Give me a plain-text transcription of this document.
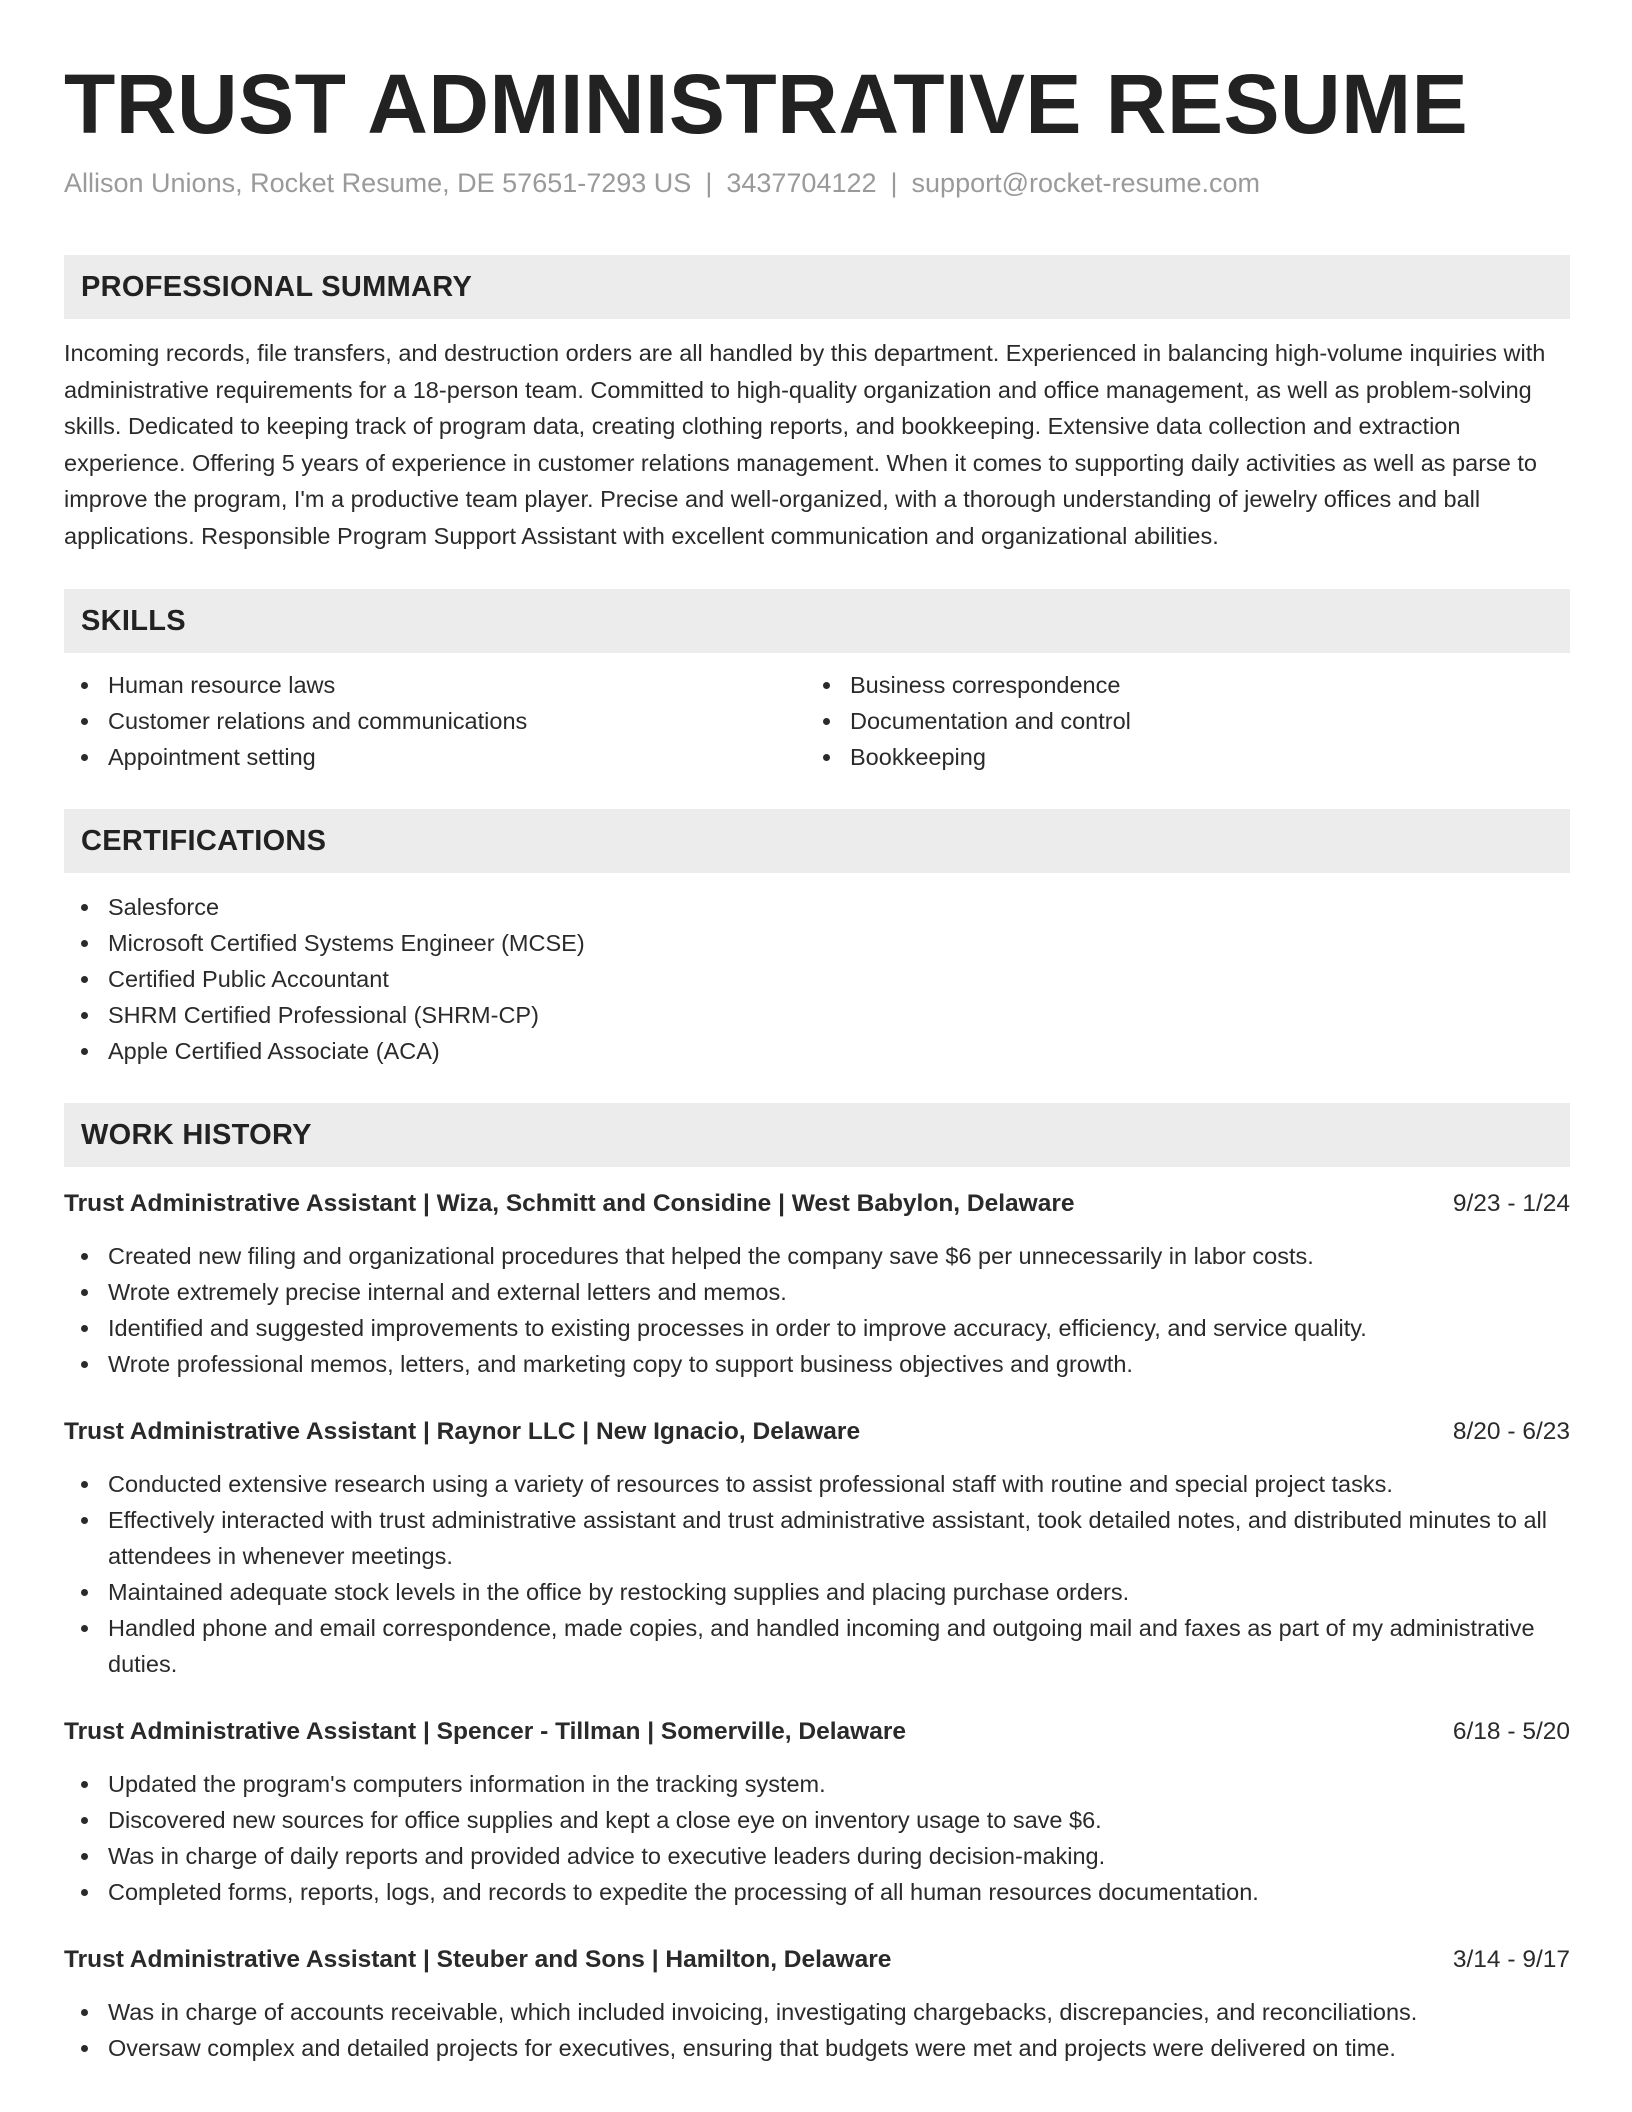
TRUST ADMINISTRATIVE RESUME
Allison Unions, Rocket Resume, DE 57651-7293 US | 3437704122 | support@rocket-resume.com
PROFESSIONAL SUMMARY

Incoming records, file transfers, and destruction orders are all handled by this department. Experienced in balancing high-volume inquiries with administrative requirements for a 18-person team. Committed to high-quality organization and office management, as well as problem-solving skills. Dedicated to keeping track of program data, creating clothing reports, and bookkeeping. Extensive data collection and extraction experience. Offering 5 years of experience in customer relations management. When it comes to supporting daily activities as well as parse to improve the program, I'm a productive team player. Precise and well-organized, with a thorough understanding of jewelry offices and ball applications. Responsible Program Support Assistant with excellent communication and organizational abilities.

SKILLS
Human resource laws
Customer relations and communications
Appointment setting
Business correspondence
Documentation and control
Bookkeeping
CERTIFICATIONS
Salesforce
Microsoft Certified Systems Engineer (MCSE)
Certified Public Accountant
SHRM Certified Professional (SHRM-CP)
Apple Certified Associate (ACA)
WORK HISTORY
Trust Administrative Assistant | Wiza, Schmitt and Considine | West Babylon, Delaware	9/23 - 1/24
Created new filing and organizational procedures that helped the company save $6 per unnecessarily in labor costs.
Wrote extremely precise internal and external letters and memos.
Identified and suggested improvements to existing processes in order to improve accuracy, efficiency, and service quality.
Wrote professional memos, letters, and marketing copy to support business objectives and growth.
Trust Administrative Assistant | Raynor LLC | New Ignacio, Delaware	8/20 - 6/23
Conducted extensive research using a variety of resources to assist professional staff with routine and special project tasks.
Effectively interacted with trust administrative assistant and trust administrative assistant, took detailed notes, and distributed minutes to all attendees in whenever meetings.
Maintained adequate stock levels in the office by restocking supplies and placing purchase orders.
Handled phone and email correspondence, made copies, and handled incoming and outgoing mail and faxes as part of my administrative duties.
Trust Administrative Assistant | Spencer - Tillman | Somerville, Delaware	6/18 - 5/20
Updated the program's computers information in the tracking system.
Discovered new sources for office supplies and kept a close eye on inventory usage to save $6.
Was in charge of daily reports and provided advice to executive leaders during decision-making.
Completed forms, reports, logs, and records to expedite the processing of all human resources documentation.
Trust Administrative Assistant | Steuber and Sons | Hamilton, Delaware	3/14 - 9/17
Was in charge of accounts receivable, which included invoicing, investigating chargebacks, discrepancies, and reconciliations.
Oversaw complex and detailed projects for executives, ensuring that budgets were met and projects were delivered on time.
